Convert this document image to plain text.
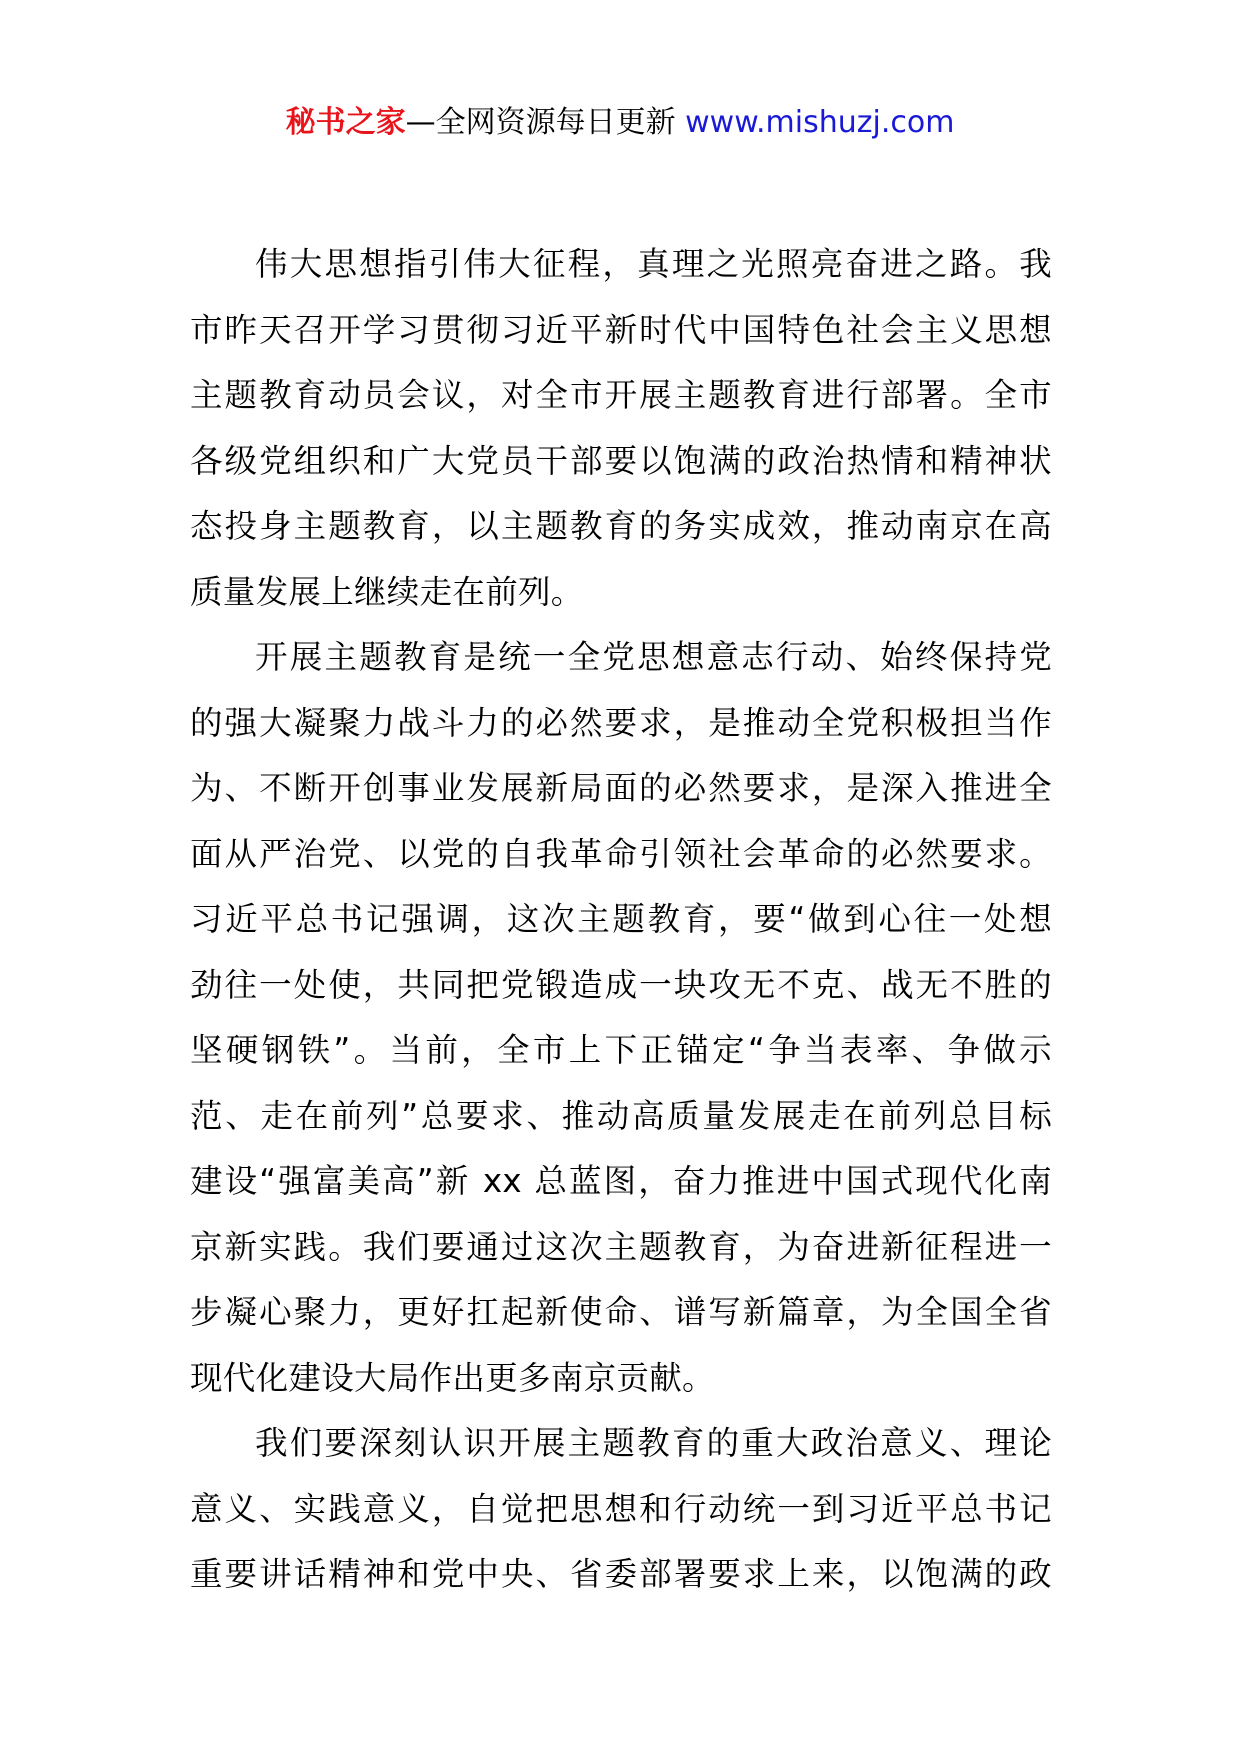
秘书之家—全网资源每日更新 www.mishuzj.com
伟大思想指引伟大征程，真理之光照亮奋进之路。我
市昨天召开学习贯彻习近平新时代中国特色社会主义思想
主题教育动员会议，对全市开展主题教育进行部署。全市
各级党组织和广大党员干部要以饱满的政治热情和精神状
态投身主题教育，以主题教育的务实成效，推动南京在高
质量发展上继续走在前列。
开展主题教育是统一全党思想意志行动、始终保持党
的强大凝聚力战斗力的必然要求，是推动全党积极担当作
为、不断开创事业发展新局面的必然要求，是深入推进全
面从严治党、以党的自我革命引领社会革命的必然要求。
习近平总书记强调，这次主题教育，要“做到心往一处想
劲往一处使，共同把党锻造成一块攻无不克、战无不胜的
坚硬钢铁”。当前，全市上下正锚定“争当表率、争做示
范、走在前列”总要求、推动高质量发展走在前列总目标
建设“强富美高”新 xx 总蓝图，奋力推进中国式现代化南
京新实践。我们要通过这次主题教育，为奋进新征程进一
步凝心聚力，更好扛起新使命、谱写新篇章，为全国全省
现代化建设大局作出更多南京贡献。
我们要深刻认识开展主题教育的重大政治意义、理论
意义、实践意义，自觉把思想和行动统一到习近平总书记
重要讲话精神和党中央、省委部署要求上来，以饱满的政
